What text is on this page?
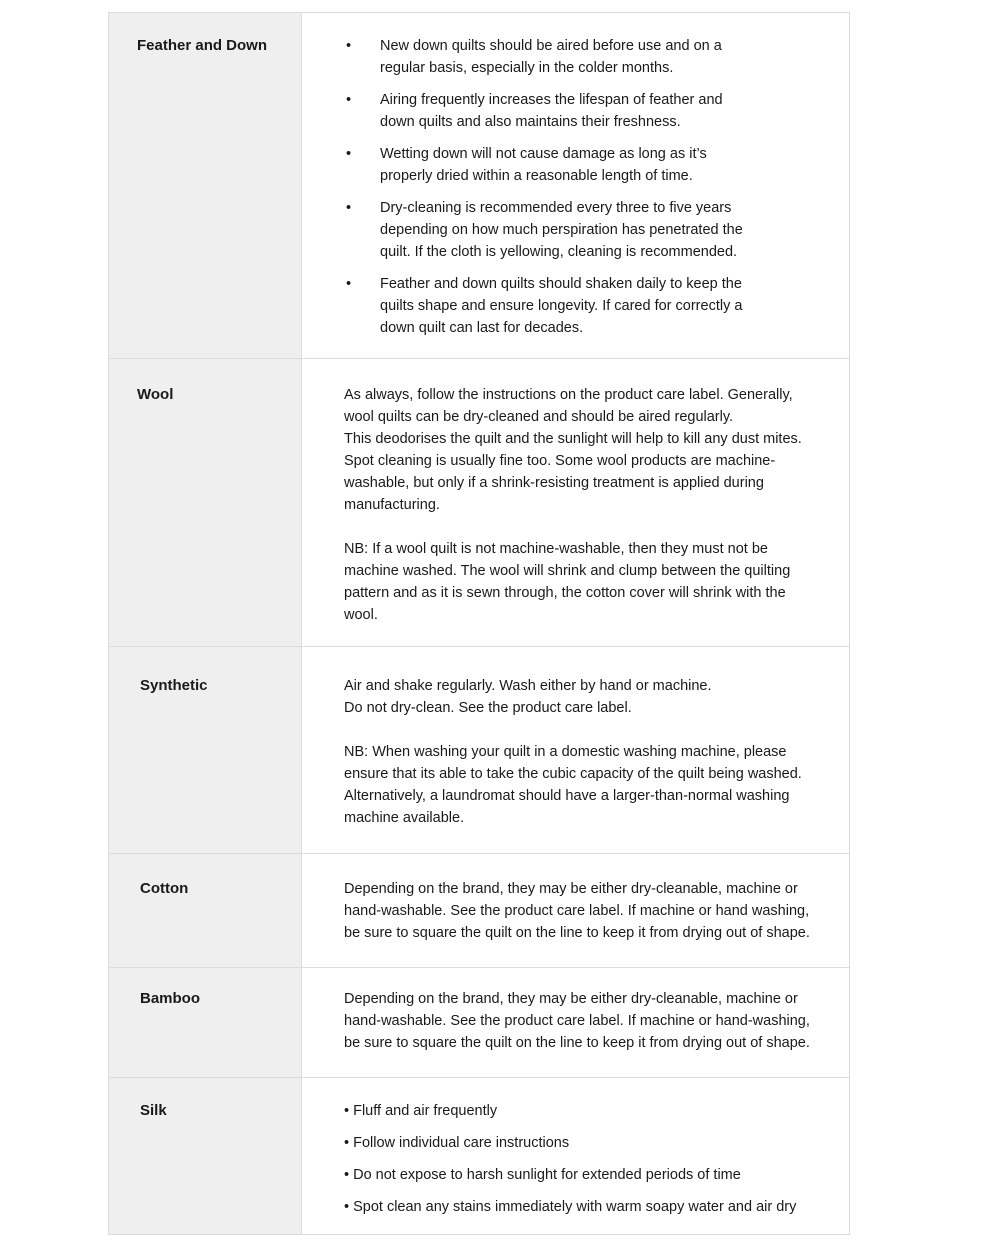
Feather and Down	• New down quilts should be aired before use and on a regular basis, especially in the colder months.
• Airing frequently increases the lifespan of feather and down quilts and also maintains their freshness.
• Wetting down will not cause damage as long as it’s properly dried within a reasonable length of time.
• Dry-cleaning is recommended every three to five years depending on how much perspiration has penetrated the quilt. If the cloth is yellowing, cleaning is recommended.
• Feather and down quilts should shaken daily to keep the quilts shape and ensure longevity. If cared for correctly a down quilt can last for decades.
Wool	As always, follow the instructions on the product care label. Generally, wool quilts can be dry-cleaned and should be aired regularly.
This deodorises the quilt and the sunlight will help to kill any dust mites. Spot cleaning is usually fine too. Some wool products are machine-washable, but only if a shrink-resisting treatment is applied during manufacturing.

NB: If a wool quilt is not machine-washable, then they must not be machine washed. The wool will shrink and clump between the quilting pattern and as it is sewn through, the cotton cover will shrink with the wool.
Synthetic	Air and shake regularly. Wash either by hand or machine.
Do not dry-clean. See the product care label.

NB: When washing your quilt in a domestic washing machine, please ensure that its able to take the cubic capacity of the quilt being washed. Alternatively, a laundromat should have a larger-than-normal washing machine available.
Cotton	Depending on the brand, they may be either dry-cleanable, machine or hand-washable. See the product care label. If machine or hand washing, be sure to square the quilt on the line to keep it from drying out of shape.
Bamboo	Depending on the brand, they may be either dry-cleanable, machine or hand-washable. See the product care label. If machine or hand-washing, be sure to square the quilt on the line to keep it from drying out of shape.
Silk	• Fluff and air frequently
• Follow individual care instructions
• Do not expose to harsh sunlight for extended periods of time
• Spot clean any stains immediately with warm soapy water and air dry
